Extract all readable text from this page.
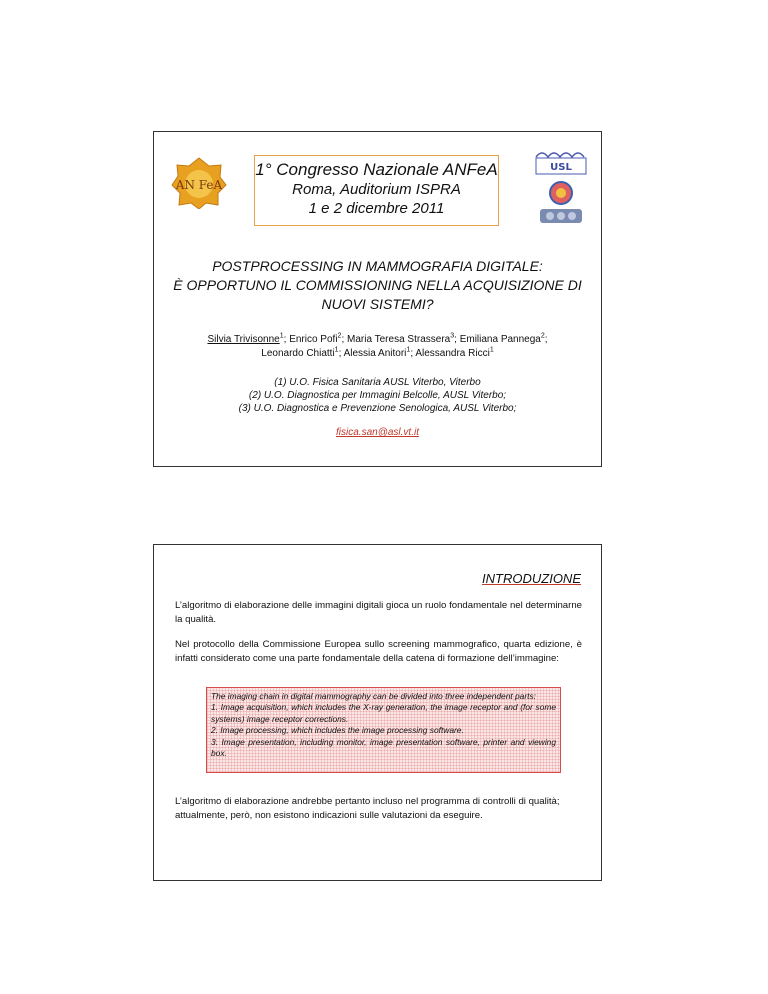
AN FeA
1° Congresso Nazionale ANFeA
Roma, Auditorium ISPRA
1 e 2 dicembre 2011
USL
POSTPROCESSING IN MAMMOGRAFIA DIGITALE:
È OPPORTUNO IL COMMISSIONING NELLA ACQUISIZIONE DI
NUOVI SISTEMI?
Silvia Trivisonne$^1$; Enrico Pofi$^2$; Maria Teresa Strassera$^3$; Emiliana Pannega$^2$;
Leonardo Chiatti$^1$; Alessia Anitori$^1$; Alessandra Ricci$^1$
(1) U.O. Fisica Sanitaria AUSL Viterbo, Viterbo
(2) U.O. Diagnostica per Immagini Belcolle, AUSL Viterbo;
(3) U.O. Diagnostica e Prevenzione Senologica, AUSL Viterbo;
fisica.san@asl.vt.it
INTRODUZIONE
L’algoritmo di elaborazione delle immagini digitali gioca un ruolo fondamentale nel determinarne la qualità.
Nel protocollo della Commissione Europea sullo screening mammografico, quarta edizione, è infatti considerato come una parte fondamentale della catena di formazione dell’immagine:
The imaging chain in digital mammography can be divided into three independent parts:
1. Image acquisition, which includes the X-ray generation, the image receptor and (for some systems) image receptor corrections.
2. Image processing, which includes the image processing software.
3. Image presentation, including monitor, image presentation software, printer and viewing box.
L’algoritmo di elaborazione andrebbe pertanto incluso nel programma di controlli di qualità; attualmente, però, non esistono indicazioni sulle valutazioni da eseguire.
